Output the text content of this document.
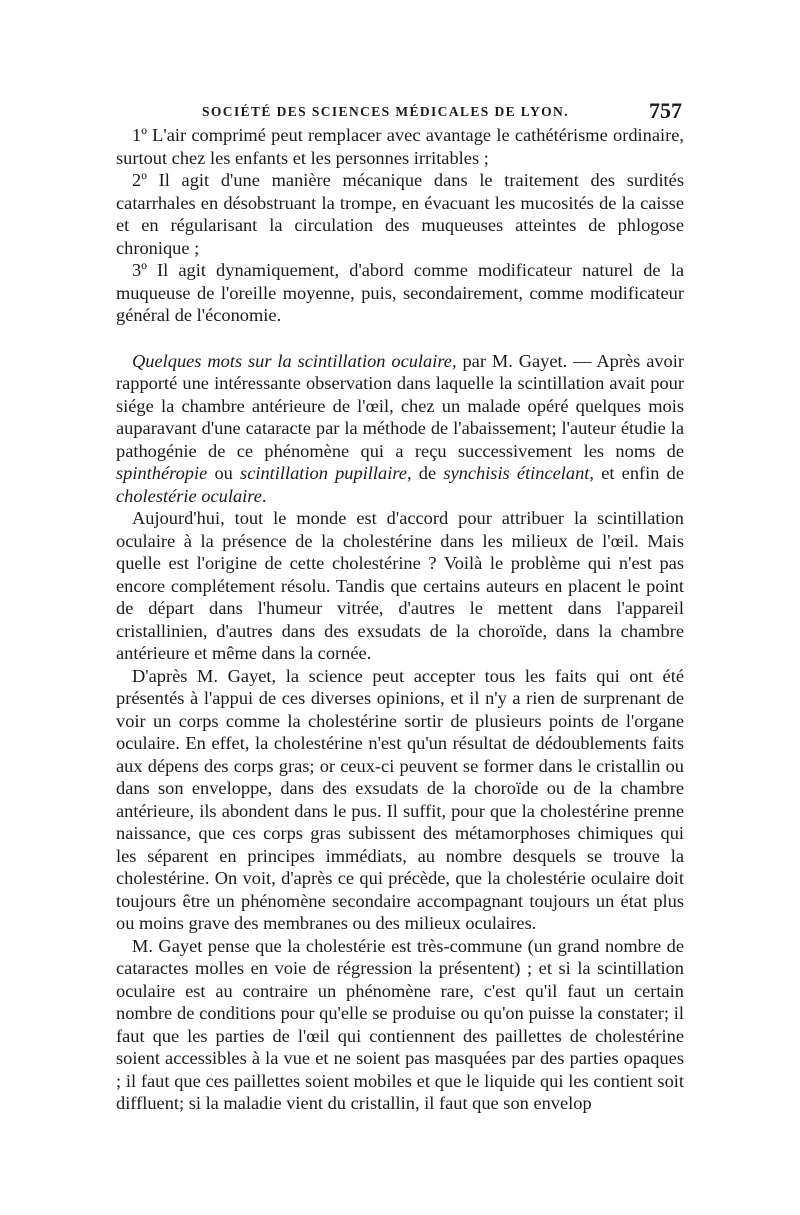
SOCIÉTÉ DES SCIENCES MÉDICALES DE LYON.	757

1º L'air comprimé peut remplacer avec avantage le cathétérisme ordinaire, surtout chez les enfants et les personnes irritables ;

2º Il agit d'une manière mécanique dans le traitement des surdités catarrhales en désobstruant la trompe, en évacuant les mucosités de la caisse et en régularisant la circulation des muqueuses atteintes de phlogose chronique ;

3º Il agit dynamiquement, d'abord comme modificateur naturel de la muqueuse de l'oreille moyenne, puis, secondairement, comme modificateur général de l'économie.

Quelques mots sur la scintillation oculaire, par M. Gayet. — Après avoir rapporté une intéressante observation dans laquelle la scintillation avait pour siége la chambre antérieure de l'œil, chez un malade opéré quelques mois auparavant d'une cataracte par la méthode de l'abaissement; l'auteur étudie la pathogénie de ce phénomène qui a reçu successivement les noms de spinthéropie ou scintillation pupillaire, de synchisis étincelant, et enfin de cholestérie oculaire.

Aujourd'hui, tout le monde est d'accord pour attribuer la scintillation oculaire à la présence de la cholestérine dans les milieux de l'œil. Mais quelle est l'origine de cette cholestérine ? Voilà le problème qui n'est pas encore complétement résolu. Tandis que certains auteurs en placent le point de départ dans l'humeur vitrée, d'autres le mettent dans l'appareil cristallinien, d'autres dans des exsudats de la choroïde, dans la chambre antérieure et même dans la cornée.

D'après M. Gayet, la science peut accepter tous les faits qui ont été présentés à l'appui de ces diverses opinions, et il n'y a rien de surprenant de voir un corps comme la cholestérine sortir de plusieurs points de l'organe oculaire. En effet, la cholestérine n'est qu'un résultat de dédoublements faits aux dépens des corps gras; or ceux-ci peuvent se former dans le cristallin ou dans son enveloppe, dans des exsudats de la choroïde ou de la chambre antérieure, ils abondent dans le pus. Il suffit, pour que la cholestérine prenne naissance, que ces corps gras subissent des métamorphoses chimiques qui les séparent en principes immédiats, au nombre desquels se trouve la cholestérine. On voit, d'après ce qui précède, que la cholestérie oculaire doit toujours être un phénomène secondaire accompagnant toujours un état plus ou moins grave des membranes ou des milieux oculaires.

M. Gayet pense que la cholestérie est très-commune (un grand nombre de cataractes molles en voie de régression la présentent) ; et si la scintillation oculaire est au contraire un phénomène rare, c'est qu'il faut un certain nombre de conditions pour qu'elle se produise ou qu'on puisse la constater; il faut que les parties de l'œil qui contiennent des paillettes de cholestérine soient accessibles à la vue et ne soient pas masquées par des parties opaques ; il faut que ces paillettes soient mobiles et que le liquide qui les contient soit diffluent; si la maladie vient du cristallin, il faut que son envelop
